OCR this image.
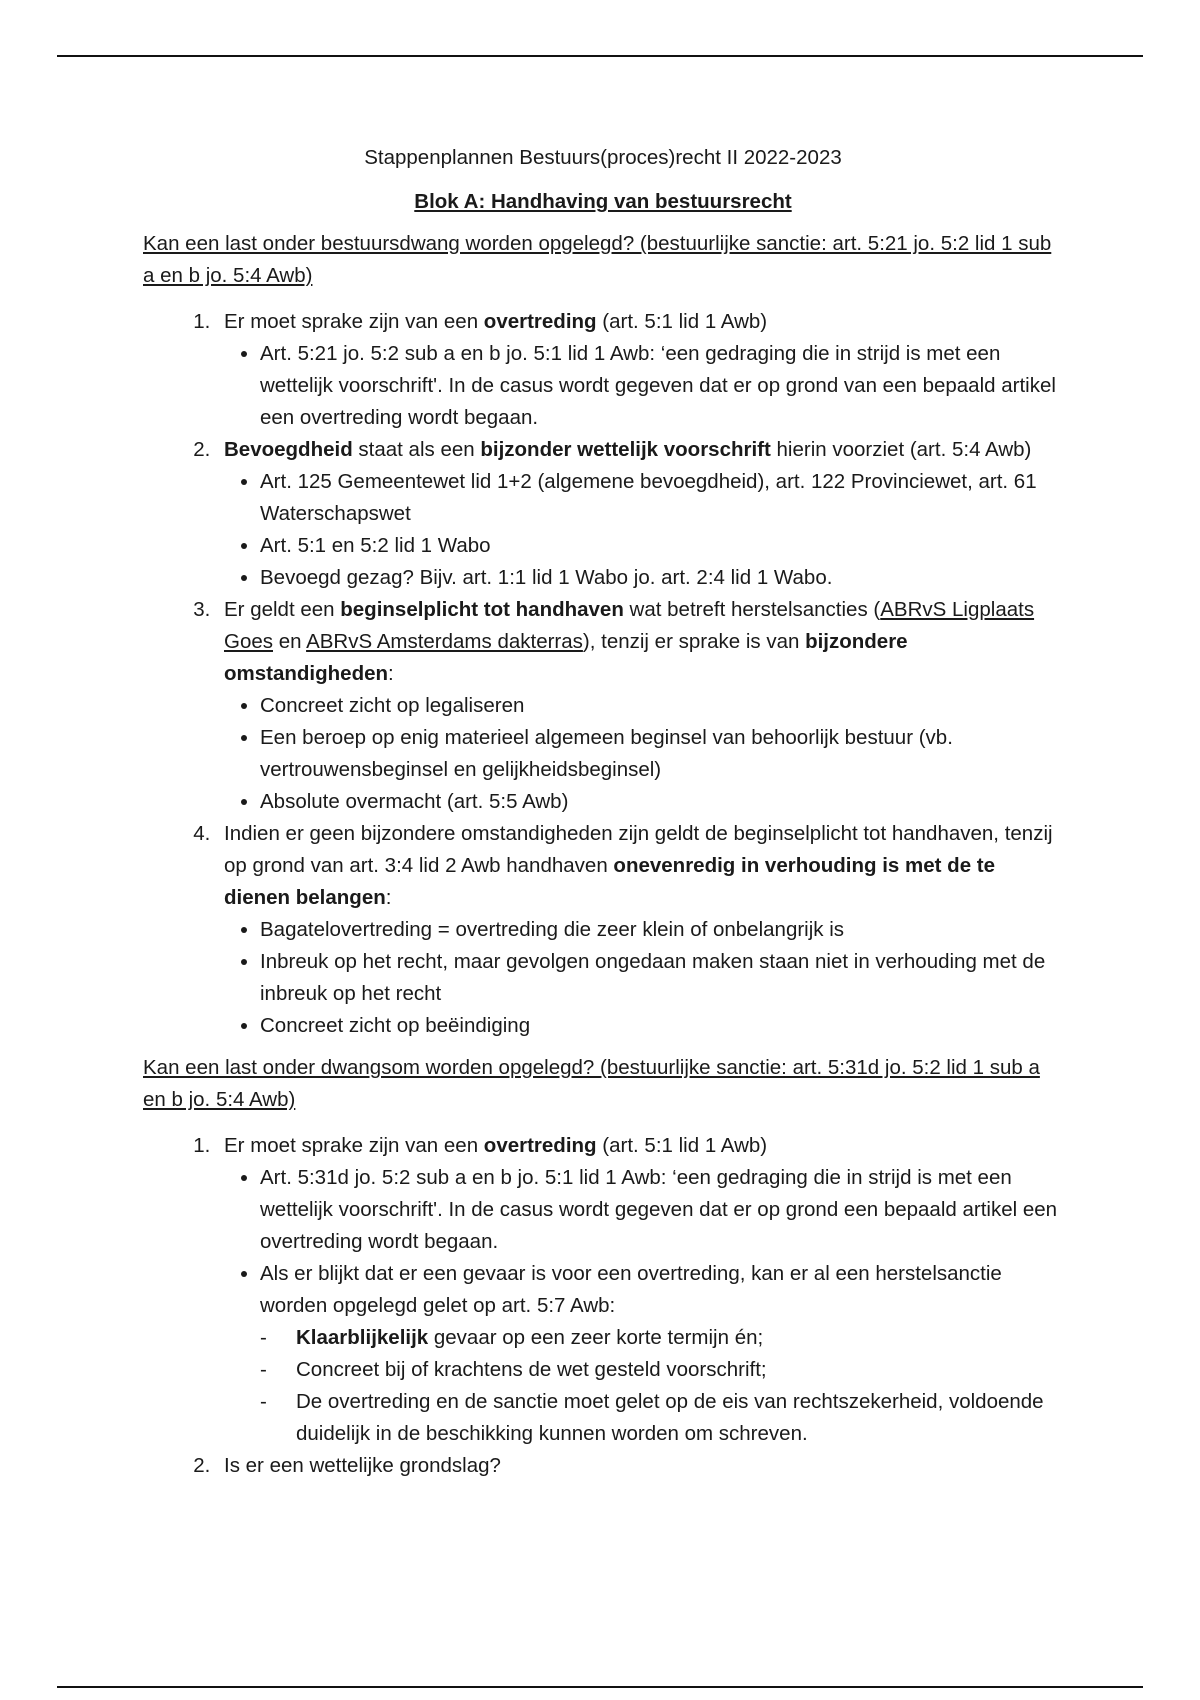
Stappenplannen Bestuurs(proces)recht II 2022-2023

Blok A: Handhaving van bestuursrecht

Kan een last onder bestuursdwang worden opgelegd? (bestuurlijke sanctie: art. 5:21 jo. 5:2 lid 1 sub a en b jo. 5:4 Awb)

1. Er moet sprake zijn van een overtreding (art. 5:1 lid 1 Awb)
• Art. 5:21 jo. 5:2 sub a en b jo. 5:1 lid 1 Awb: ‘een gedraging die in strijd is met een wettelijk voorschrift'. In de casus wordt gegeven dat er op grond van een bepaald artikel een overtreding wordt begaan.
2. Bevoegdheid staat als een bijzonder wettelijk voorschrift hierin voorziet (art. 5:4 Awb)
• Art. 125 Gemeentewet lid 1+2 (algemene bevoegdheid), art. 122 Provinciewet, art. 61 Waterschapswet
• Art. 5:1 en 5:2 lid 1 Wabo
• Bevoegd gezag? Bijv. art. 1:1 lid 1 Wabo jo. art. 2:4 lid 1 Wabo.
3. Er geldt een beginselplicht tot handhaven wat betreft herstelsancties (ABRvS Ligplaats Goes en ABRvS Amsterdams dakterras), tenzij er sprake is van bijzondere omstandigheden:
• Concreet zicht op legaliseren
• Een beroep op enig materieel algemeen beginsel van behoorlijk bestuur (vb. vertrouwensbeginsel en gelijkheidsbeginsel)
• Absolute overmacht (art. 5:5 Awb)
4. Indien er geen bijzondere omstandigheden zijn geldt de beginselplicht tot handhaven, tenzij op grond van art. 3:4 lid 2 Awb handhaven onevenredig in verhouding is met de te dienen belangen:
• Bagatelovertreding = overtreding die zeer klein of onbelangrijk is
• Inbreuk op het recht, maar gevolgen ongedaan maken staan niet in verhouding met de inbreuk op het recht
• Concreet zicht op beëindiging

Kan een last onder dwangsom worden opgelegd? (bestuurlijke sanctie: art. 5:31d jo. 5:2 lid 1 sub a en b jo. 5:4 Awb)

1. Er moet sprake zijn van een overtreding (art. 5:1 lid 1 Awb)
• Art. 5:31d jo. 5:2 sub a en b jo. 5:1 lid 1 Awb: ‘een gedraging die in strijd is met een wettelijk voorschrift'. In de casus wordt gegeven dat er op grond een bepaald artikel een overtreding wordt begaan.
• Als er blijkt dat er een gevaar is voor een overtreding, kan er al een herstelsanctie worden opgelegd gelet op art. 5:7 Awb:
- Klaarblijkelijk gevaar op een zeer korte termijn én;
- Concreet bij of krachtens de wet gesteld voorschrift;
- De overtreding en de sanctie moet gelet op de eis van rechtszekerheid, voldoende duidelijk in de beschikking kunnen worden om schreven.
2. Is er een wettelijke grondslag?
